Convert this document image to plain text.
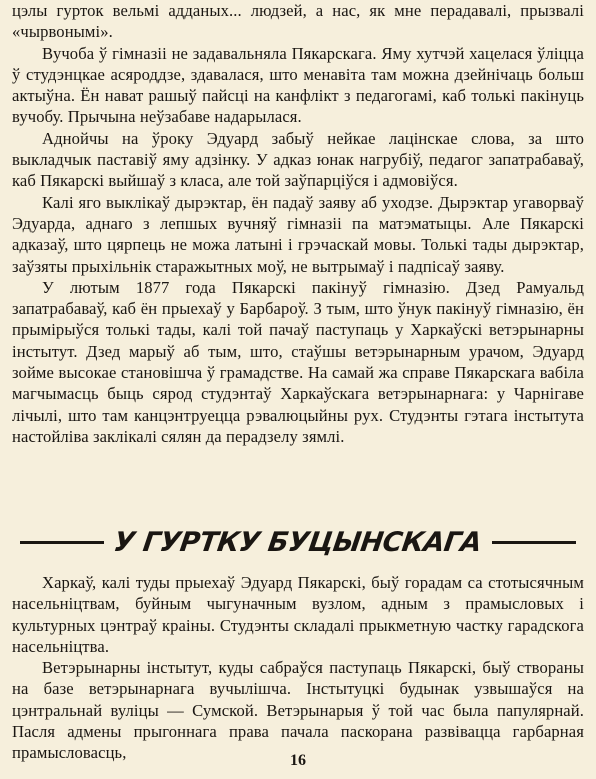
цэлы гурток вельмі адданых... людзей, а нас, як мне перадавалі, прызвалі «чырвонымі».

Вучоба ў гімназіі не задавальняла Пякарскага. Яму хутчэй хацелася ўліцца ў студэнцкае асяроддзе, здавалася, што менавіта там можна дзейнічаць больш актыўна. Ён нават рашыў пайсці на канфлікт з педагогамі, каб толькі пакінуць вучобу. Прычына неўзабаве надарылася.

Аднойчы на ўроку Эдуард забыў нейкае лацінскае слова, за што выкладчык паставіў яму адзінку. У адказ юнак нагрубіў, педагог запатрабаваў, каб Пякарскі выйшаў з класа, але той заўпарціўся і адмовіўся.

Калі яго выклікаў дырэктар, ён падаў заяву аб уходзе. Дырэктар угаворваў Эдуарда, аднаго з лепшых вучняў гімназіі па матэматыцы. Але Пякарскі адказаў, што цярпець не можа латыні і грэчаскай мовы. Толькі тады дырэктар, заўзяты прыхільнік старажытных моў, не вытрымаў і падпісаў заяву.

У лютым 1877 года Пякарскі пакінуў гімназію. Дзед Рамуальд запатрабаваў, каб ён прыехаў у Барбароў. З тым, што ўнук пакінуў гімназію, ён прымірыўся толькі тады, калі той пачаў паступаць у Харкаўскі ветэрынарны інстытут. Дзед марыў аб тым, што, стаўшы ветэрынарным урачом, Эдуард зойме высокае становішча ў грамадстве. На самай жа справе Пякарскага вабіла магчымасць быць сярод студэнтаў Харкаўскага ветэрынарнага: у Чарнігаве лічылі, што там канцэнтруецца рэвалюцыйны рух. Студэнты гэтага інстытута настойліва заклікалі сялян да перадзелу зямлі.

У ГУРТКУ БУЦЫНСКАГА

Харкаў, калі туды прыехаў Эдуард Пякарскі, быў горадам са стотысячным насельніцтвам, буйным чыгуначным вузлом, адным з прамысловых і культурных цэнтраў краіны. Студэнты складалі прыкметную частку гарадскога насельніцтва.

Ветэрынарны інстытут, куды сабраўся паступаць Пякарскі, быў створаны на базе ветэрынарнага вучылішча. Інстытуцкі будынак узвышаўся на цэнтральнай вуліцы — Сумской. Ветэрынарыя ў той час была папулярнай. Пасля адмены прыгоннага права пачала паскорана развівацца гарбарная прамысловасць,	16
